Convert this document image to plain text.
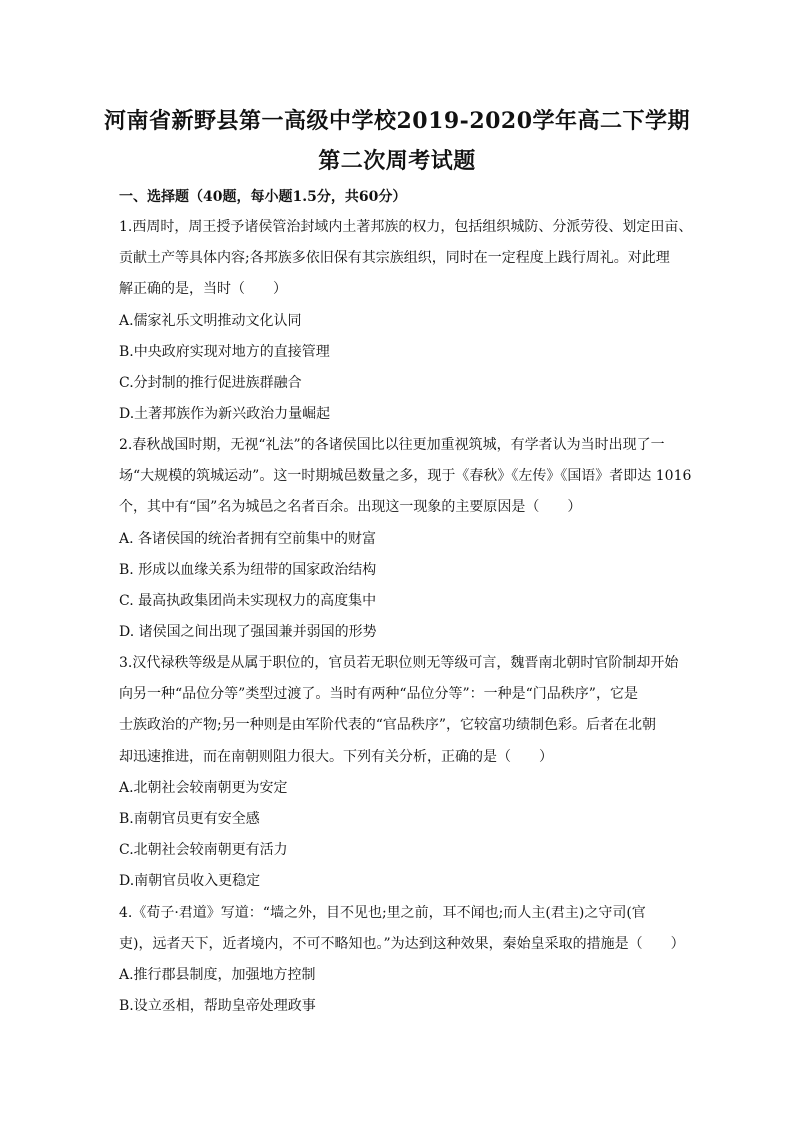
河南省新野县第一高级中学校2019-2020学年高二下学期
第二次周考试题
一、选择题（40题，每小题1.5分，共60分）
1.西周时，周王授予诸侯管治封域内土著邦族的权力，包括组织城防、分派劳役、划定田亩、
贡献土产等具体内容;各邦族多依旧保有其宗族组织，同时在一定程度上践行周礼。对此理
解正确的是，当时（　　）
A.儒家礼乐文明推动文化认同
B.中央政府实现对地方的直接管理
C.分封制的推行促进族群融合
D.土著邦族作为新兴政治力量崛起
2.春秋战国时期，无视“礼法”的各诸侯国比以往更加重视筑城，有学者认为当时出现了一
场“大规模的筑城运动”。这一时期城邑数量之多，现于《春秋》《左传》《国语》者即达 1016
个，其中有“国”名为城邑之名者百余。出现这一现象的主要原因是（　　）
A. 各诸侯国的统治者拥有空前集中的财富
B. 形成以血缘关系为纽带的国家政治结构
C. 最高执政集团尚未实现权力的高度集中
D. 诸侯国之间出现了强国兼并弱国的形势
3.汉代禄秩等级是从属于职位的，官员若无职位则无等级可言，魏晋南北朝时官阶制却开始
向另一种“品位分等”类型过渡了。当时有两种“品位分等”：一种是“门品秩序”，它是
士族政治的产物;另一种则是由军阶代表的“官品秩序”，它较富功绩制色彩。后者在北朝
却迅速推进，而在南朝则阻力很大。下列有关分析，正确的是（　　）
A.北朝社会较南朝更为安定
B.南朝官员更有安全感
C.北朝社会较南朝更有活力
D.南朝官员收入更稳定
4.《荀子·君道》写道：“墙之外，目不见也;里之前，耳不闻也;而人主(君主)之守司(官
吏)，远者天下，近者境内，不可不略知也。”为达到这种效果，秦始皇采取的措施是（　　）
A.推行郡县制度，加强地方控制
B.设立丞相，帮助皇帝处理政事
